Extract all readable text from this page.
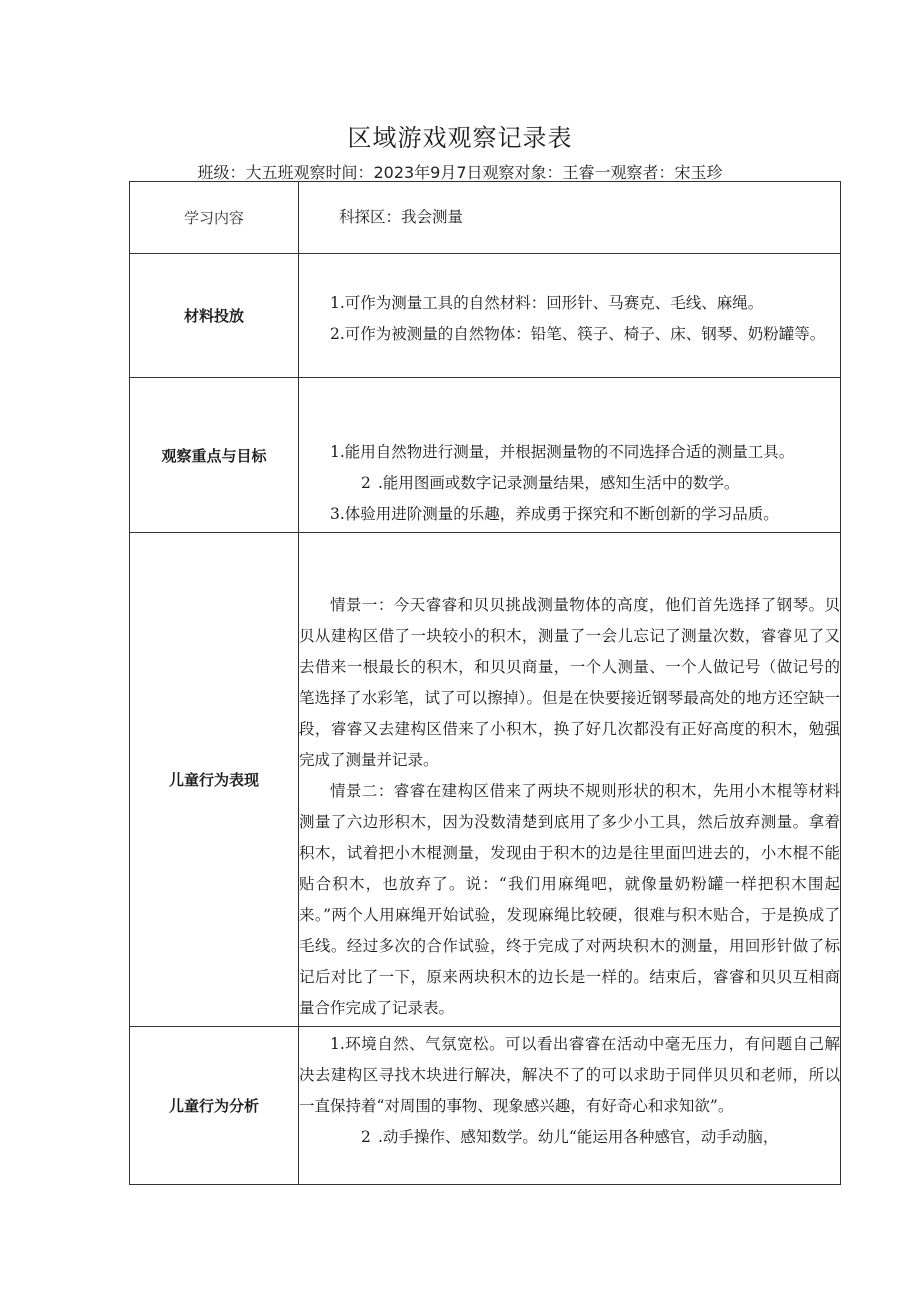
区域游戏观察记录表
班级：大五班观察时间：2023年9月7日观察对象：王睿一观察者：宋玉珍
学习内容	科探区：我会测量

材料投放	1.可作为测量工具的自然材料：回形针、马赛克、毛线、麻绳。

2.可作为被测量的自然物体：铅笔、筷子、椅子、床、钢琴、奶粉罐等。

观察重点与目标	1.能用自然物进行测量，并根据测量物的不同选择合适的测量工具。

2 .能用图画或数字记录测量结果，感知生活中的数学。

3.体验用进阶测量的乐趣，养成勇于探究和不断创新的学习品质。

儿童行为表现	情景一：今天睿睿和贝贝挑战测量物体的高度，他们首先选择了钢琴。贝贝从建构区借了一块较小的积木，测量了一会儿忘记了测量次数，睿睿见了又去借来一根最长的积木，和贝贝商量，一个人测量、一个人做记号（做记号的笔选择了水彩笔，试了可以擦掉）。但是在快要接近钢琴最高处的地方还空缺一段，睿睿又去建构区借来了小积木，换了好几次都没有正好高度的积木，勉强完成了测量并记录。

情景二：睿睿在建构区借来了两块不规则形状的积木，先用小木棍等材料测量了六边形积木，因为没数清楚到底用了多少小工具，然后放弃测量。拿着积木，试着把小木棍测量，发现由于积木的边是往里面凹进去的，小木棍不能贴合积木，也放弃了。说：“我们用麻绳吧，就像量奶粉罐一样把积木围起来。”两个人用麻绳开始试验，发现麻绳比较硬，很难与积木贴合，于是换成了毛线。经过多次的合作试验，终于完成了对两块积木的测量，用回形针做了标记后对比了一下，原来两块积木的边长是一样的。结束后，睿睿和贝贝互相商量合作完成了记录表。

儿童行为分析	1.环境自然、气氛宽松。可以看出睿睿在活动中毫无压力，有问题自己解决去建构区寻找木块进行解决，解决不了的可以求助于同伴贝贝和老师，所以一直保持着“对周围的事物、现象感兴趣，有好奇心和求知欲”。

2 .动手操作、感知数学。幼儿“能运用各种感官，动手动脑，
